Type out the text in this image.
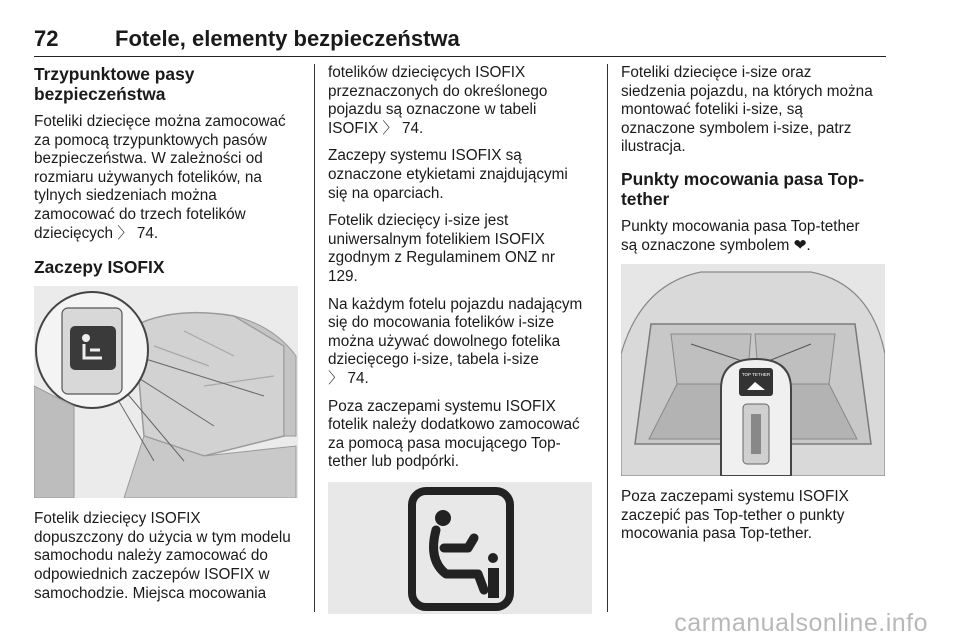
72	Fotele, elementy bezpieczeństwa
Trzypunktowe pasy
bezpieczeństwa

Foteliki dziecięce można zamocować
za pomocą trzypunktowych pasów
bezpieczeństwa. W zależności od
rozmiaru używanych fotelików, na
tylnych siedzeniach można
zamocować do trzech fotelików
dziecięcych 〉 74.

Zaczepy ISOFIX

Fotelik dziecięcy ISOFIX
dopuszczony do użycia w tym modelu
samochodu należy zamocować do
odpowiednich zaczepów ISOFIX w
samochodzie. Miejsca mocowania

fotelików dziecięcych ISOFIX
przeznaczonych do określonego
pojazdu są oznaczone w tabeli
ISOFIX 〉 74.

Zaczepy systemu ISOFIX są
oznaczone etykietami znajdującymi
się na oparciach.

Fotelik dziecięcy i-size jest
uniwersalnym fotelikiem ISOFIX
zgodnym z Regulaminem ONZ nr
129.

Na każdym fotelu pojazdu nadającym
się do mocowania fotelików i-size
można używać dowolnego fotelika
dziecięcego i-size, tabela i-size
〉 74.

Poza zaczepami systemu ISOFIX
fotelik należy dodatkowo zamocować
za pomocą pasa mocującego Top-
tether lub podpórki.

Foteliki dziecięce i-size oraz
siedzenia pojazdu, na których można
montować foteliki i-size, są
oznaczone symbolem i-size, patrz
ilustracja.

Punkty mocowania pasa Top-
tether

Punkty mocowania pasa Top-tether
są oznaczone symbolem ❤.

TOP TETHER

Poza zaczepami systemu ISOFIX
zaczepić pas Top-tether o punkty
mocowania pasa Top-tether.

carmanualsonline.info
